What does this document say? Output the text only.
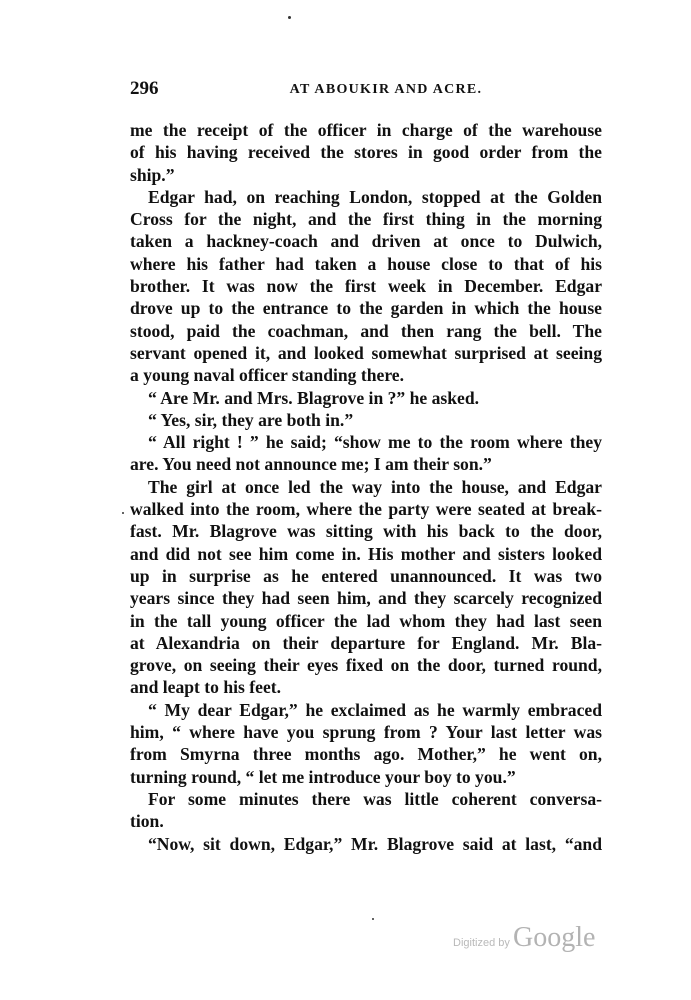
296	AT ABOUKIR AND ACRE.
me the receipt of the officer in charge of the warehouse
of his having received the stores in good order from the
ship.”
Edgar had, on reaching London, stopped at the Golden
Cross for the night, and the first thing in the morning
taken a hackney-coach and driven at once to Dulwich,
where his father had taken a house close to that of his
brother. It was now the first week in December. Edgar
drove up to the entrance to the garden in which the house
stood, paid the coachman, and then rang the bell. The
servant opened it, and looked somewhat surprised at seeing
a young naval officer standing there.
“ Are Mr. and Mrs. Blagrove in ?” he asked.
“ Yes, sir, they are both in.”
“ All right ! ” he said; “show me to the room where they
are. You need not announce me; I am their son.”
The girl at once led the way into the house, and Edgar
walked into the room, where the party were seated at break-
fast. Mr. Blagrove was sitting with his back to the door,
and did not see him come in. His mother and sisters looked
up in surprise as he entered unannounced. It was two
years since they had seen him, and they scarcely recognized
in the tall young officer the lad whom they had last seen
at Alexandria on their departure for England. Mr. Bla-
grove, on seeing their eyes fixed on the door, turned round,
and leapt to his feet.
“ My dear Edgar,” he exclaimed as he warmly embraced
him, “ where have you sprung from ? Your last letter was
from Smyrna three months ago. Mother,” he went on,
turning round, “ let me introduce your boy to you.”
For some minutes there was little coherent conversa-
tion.
“Now, sit down, Edgar,” Mr. Blagrove said at last, “and
Digitized by Google
